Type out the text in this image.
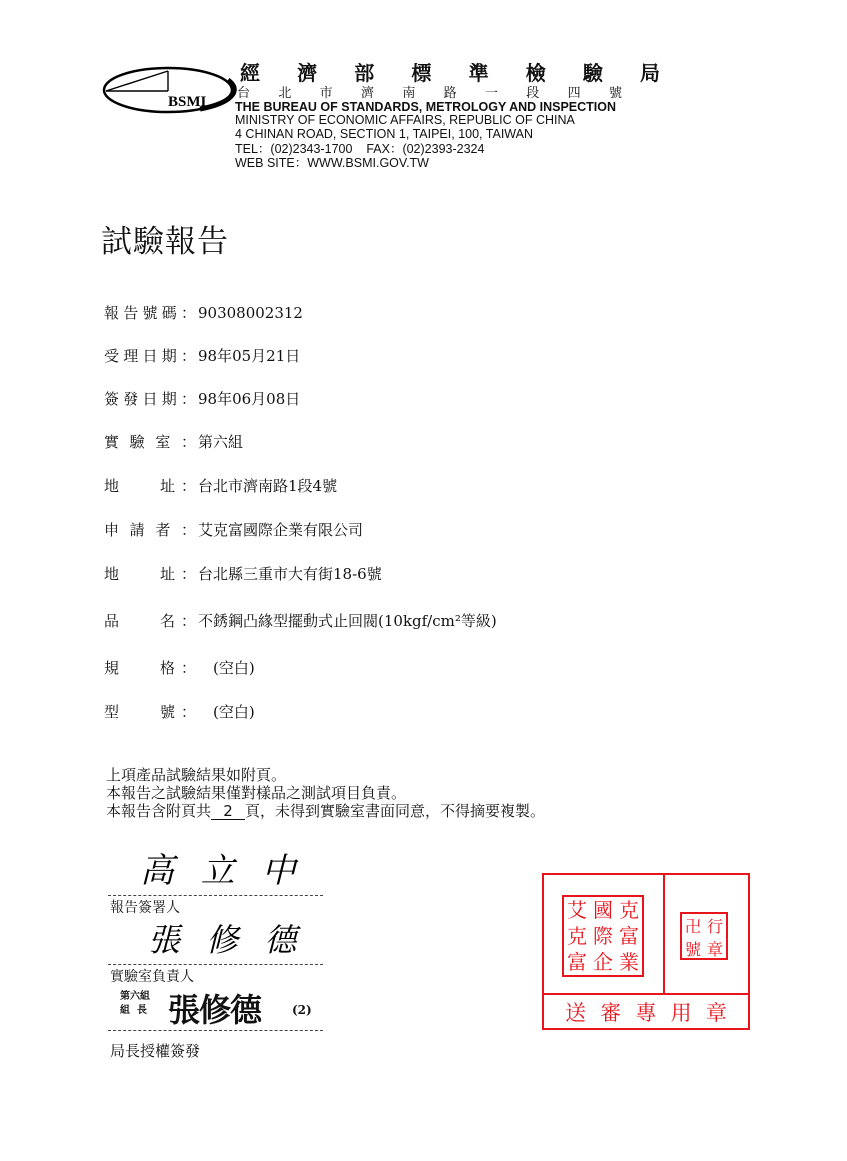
BSMI
經 濟 部 標 準 檢 驗 局
台 北 市 濟 南 路 一 段 四 號
THE BUREAU OF STANDARDS, METROLOGY AND INSPECTION
MINISTRY OF ECONOMIC AFFAIRS, REPUBLIC OF CHINA
4 CHINAN ROAD, SECTION 1, TAIPEI, 100, TAIWAN
TEL：(02)2343-1700    FAX：(02)2393-2324
WEB SITE：WWW.BSMI.GOV.TW
試驗報告
報 告 號 碼 ： 90308002312
受 理 日 期 ： 98年05月21日
簽 發 日 期 ： 98年06月08日
實 驗 室 ： 第六組
地	址 ： 台北市濟南路1段4號
申 請 者 ： 艾克富國際企業有限公司
地	址 ： 台北縣三重市大有街18-6號
品	名 ： 不銹鋼凸緣型擺動式止回閥(10kgf/cm²等級)
規	格 ： (空白)
型	號 ： (空白)
上項產品試驗結果如附頁。
本報告之試驗結果僅對樣品之測試項目負責。
本報告含附頁共 2 頁，未得到實驗室書面同意，不得摘要複製。
高 立 中
報告簽署人
張 修 德
實驗室負責人
第六組
組  長 張修德	(2)
局長授權簽發
艾 國 克
克 際 富
富 企 業
卍 行
號 章
送 審 專 用 章
